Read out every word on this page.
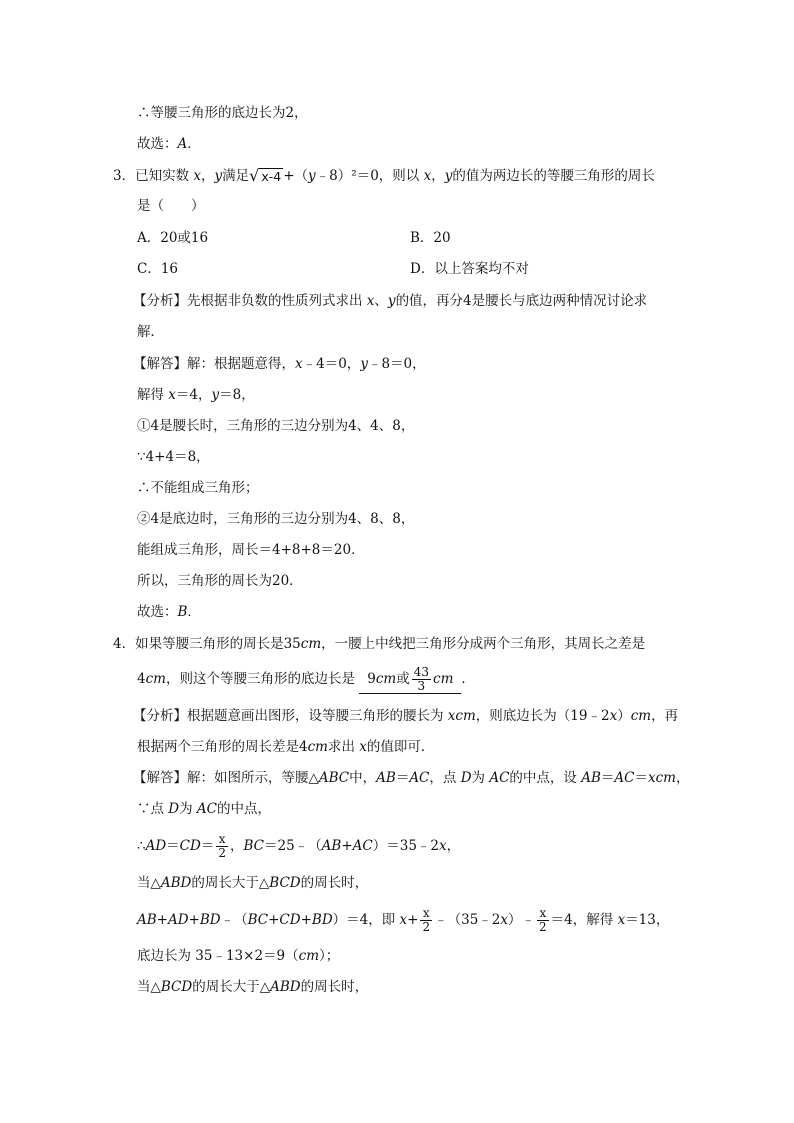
∴等腰三角形的底边长为2，
故选：A．
3．已知实数 x，y满足√ x-4 +（y﹣8）²＝0，则以 x，y的值为两边长的等腰三角形的周长
是（　　）
A．20或16	B．20
C．16	D．以上答案均不对
【分析】先根据非负数的性质列式求出 x、y的值，再分4是腰长与底边两种情况讨论求
解．
【解答】解：根据题意得，x﹣4＝0，y﹣8＝0，
解得 x＝4，y＝8，
①4是腰长时，三角形的三边分别为4、4、8，
∵4+4＝8，
∴不能组成三角形；
②4是底边时，三角形的三边分别为4、8、8，
能组成三角形，周长＝4+8+8＝20．
所以，三角形的周长为20．
故选：B．
4．如果等腰三角形的周长是35cm，一腰上中线把三角形分成两个三角形，其周长之差是
4cm，则这个等腰三角形的底边长是 9cm或 $\frac{43}{3}$ cm ．
【分析】根据题意画出图形，设等腰三角形的腰长为 xcm，则底边长为（19﹣2x）cm，再
根据两个三角形的周长差是4cm求出 x的值即可．
【解答】解：如图所示，等腰△ABC中，AB＝AC，点 D为 AC的中点，设 AB＝AC＝xcm，
∵点 D为 AC的中点，
∴AD＝CD＝ $\frac{x}{2}$ ，BC＝25﹣（AB+AC）＝35﹣2x，
当△ABD的周长大于△BCD的周长时，
AB+AD+BD﹣（BC+CD+BD）＝4，即 $x+ \frac{x}{2}$ ﹣（35﹣2x）﹣ $\frac{x}{2} =4$，解得 x＝13，
底边长为 35﹣13×2＝9（cm）；
当△BCD的周长大于△ABD的周长时，
